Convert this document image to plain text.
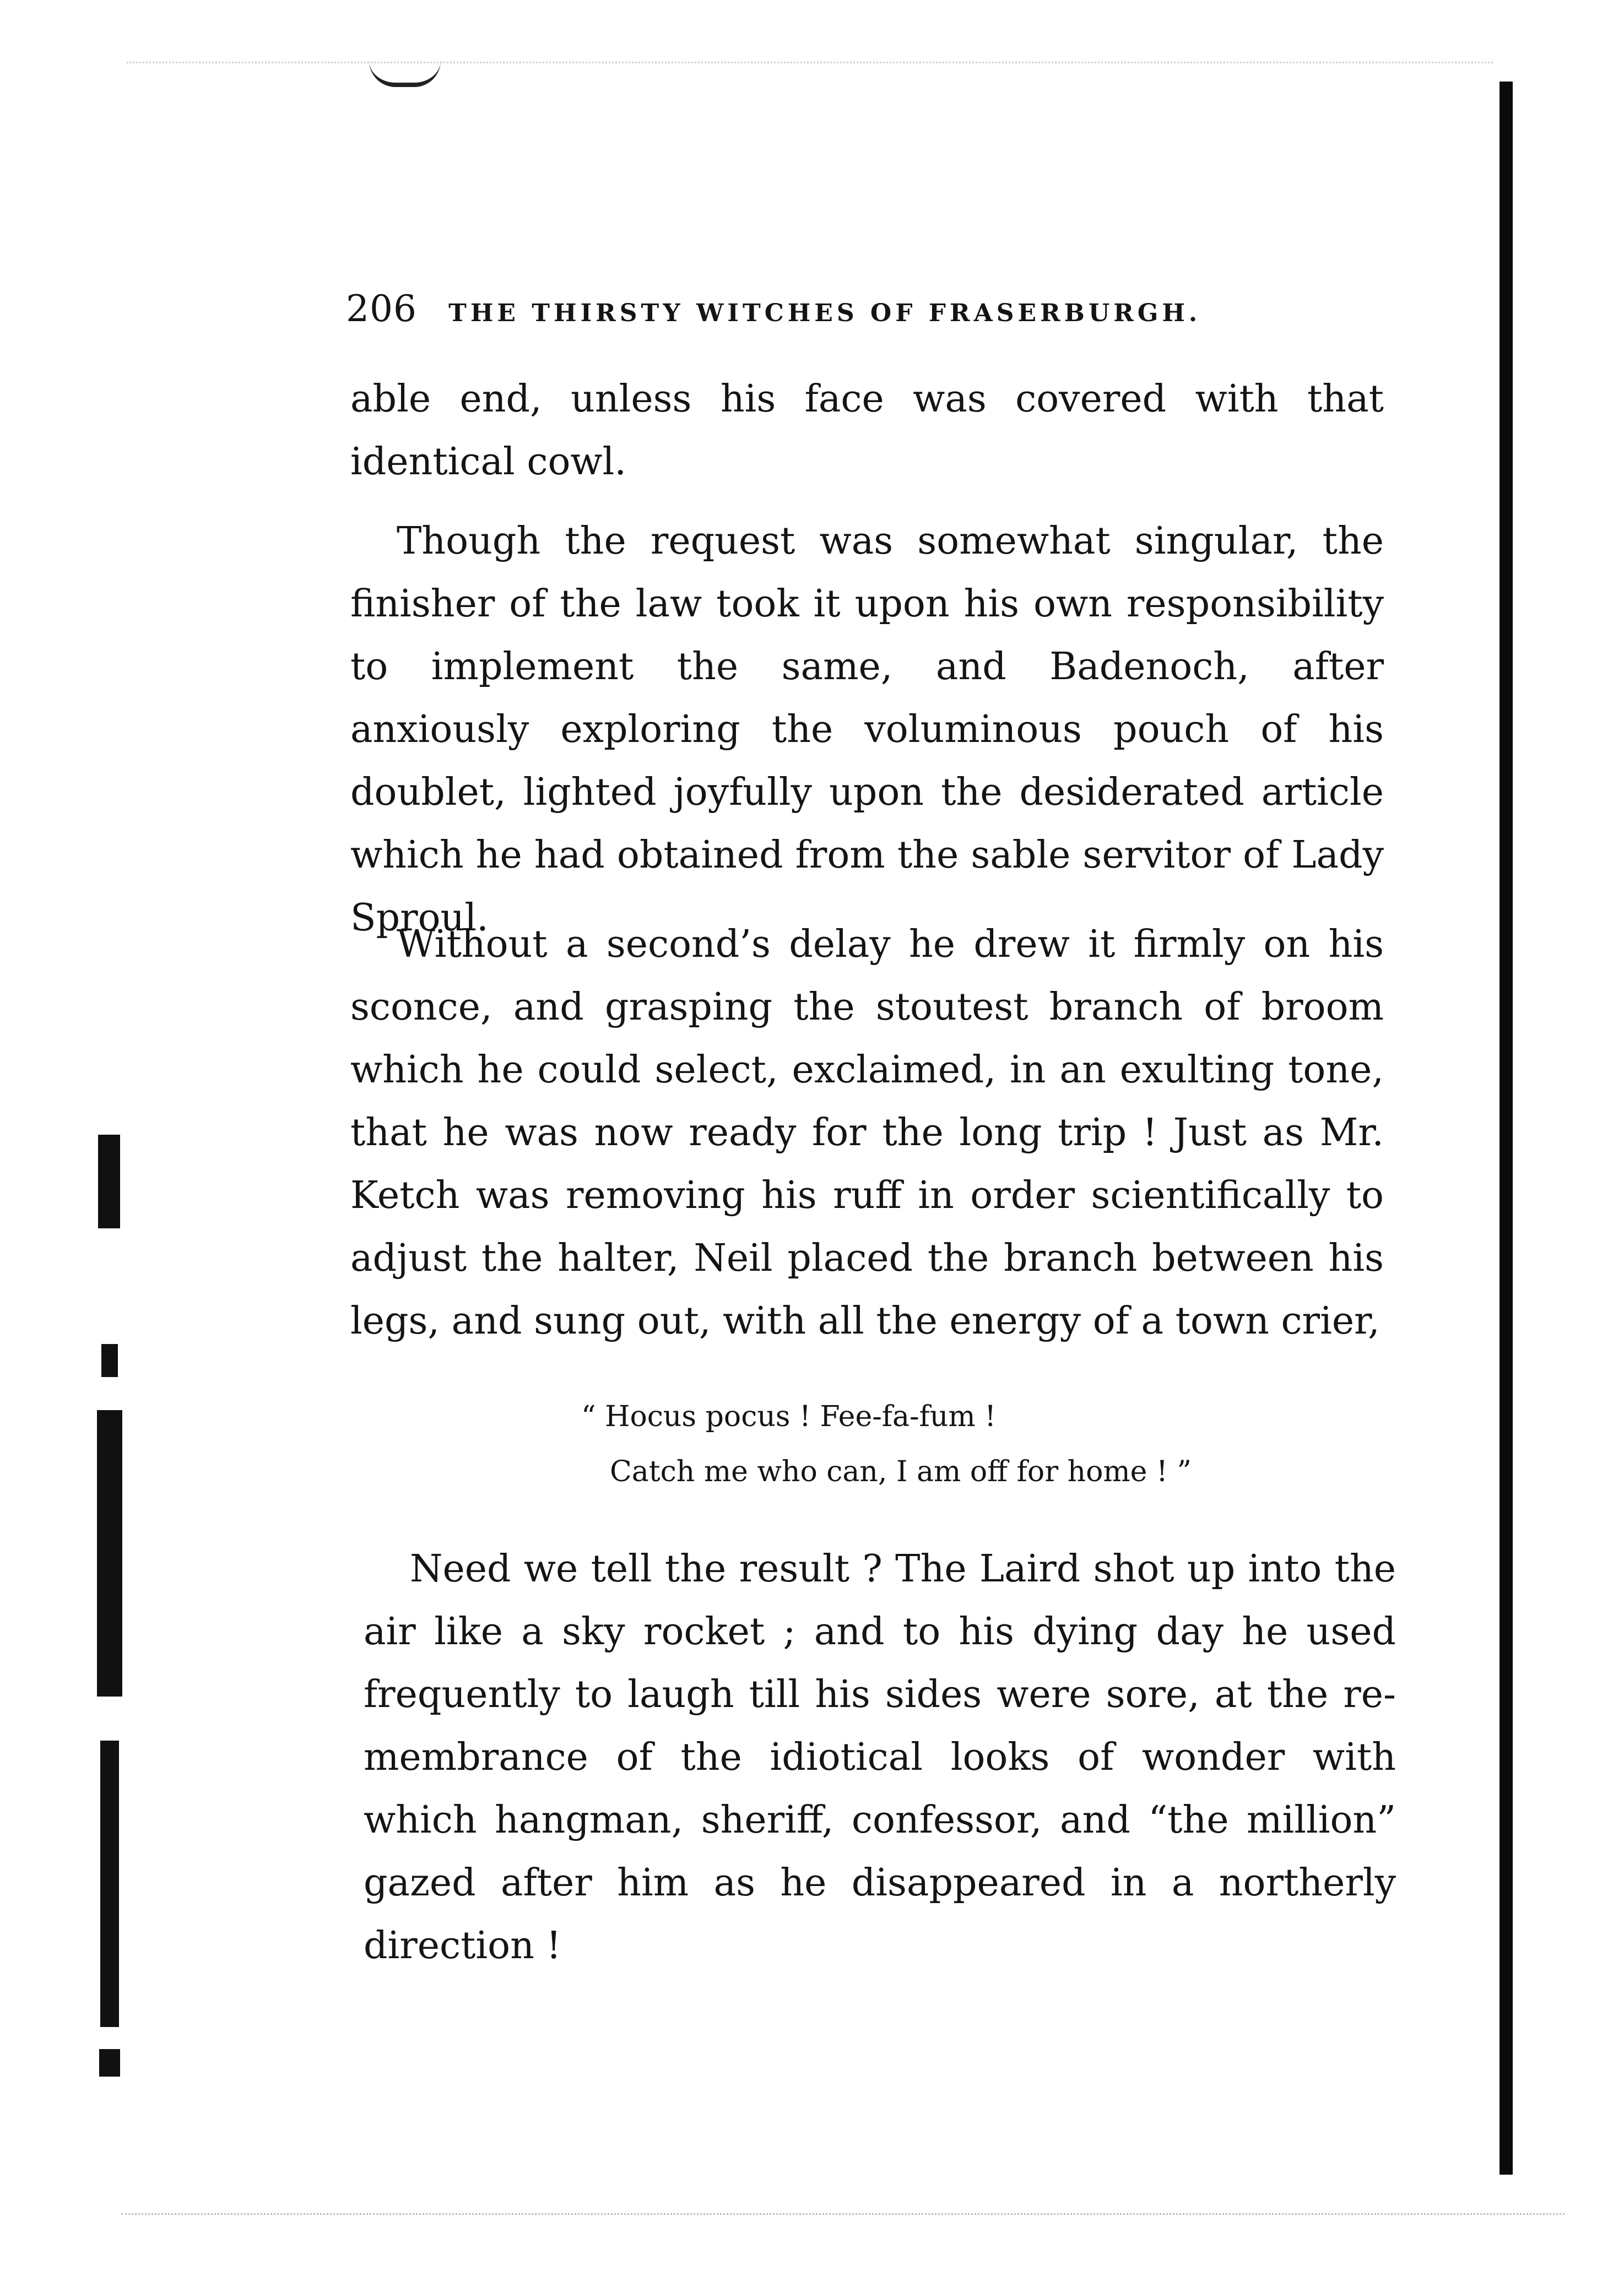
206 THE THIRSTY WITCHES OF FRASERBURGH.

able end, unless his face was covered with that identical cowl.

Though the request was somewhat singular, the finisher of the law took it upon his own responsibility to implement the same, and Badenoch, after anxiously exploring the voluminous pouch of his doublet, lighted joyfully upon the desiderated article which he had obtained from the sable servitor of Lady Sproul.

Without a second’s delay he drew it firmly on his sconce, and grasping the stoutest branch of broom which he could select, exclaimed, in an exulting tone, that he was now ready for the long trip ! Just as Mr. Ketch was removing his ruff in order scientifically to adjust the halter, Neil placed the branch between his legs, and sung out, with all the energy of a town crier,

“ Hocus pocus ! Fee-fa-fum !
Catch me who can, I am off for home ! ”

Need we tell the result ? The Laird shot up into the air like a sky rocket ; and to his dying day he used frequently to laugh till his sides were sore, at the re-membrance of the idiotical looks of wonder with which hangman, sheriff, confessor, and “the million” gazed after him as he disappeared in a northerly direction !
